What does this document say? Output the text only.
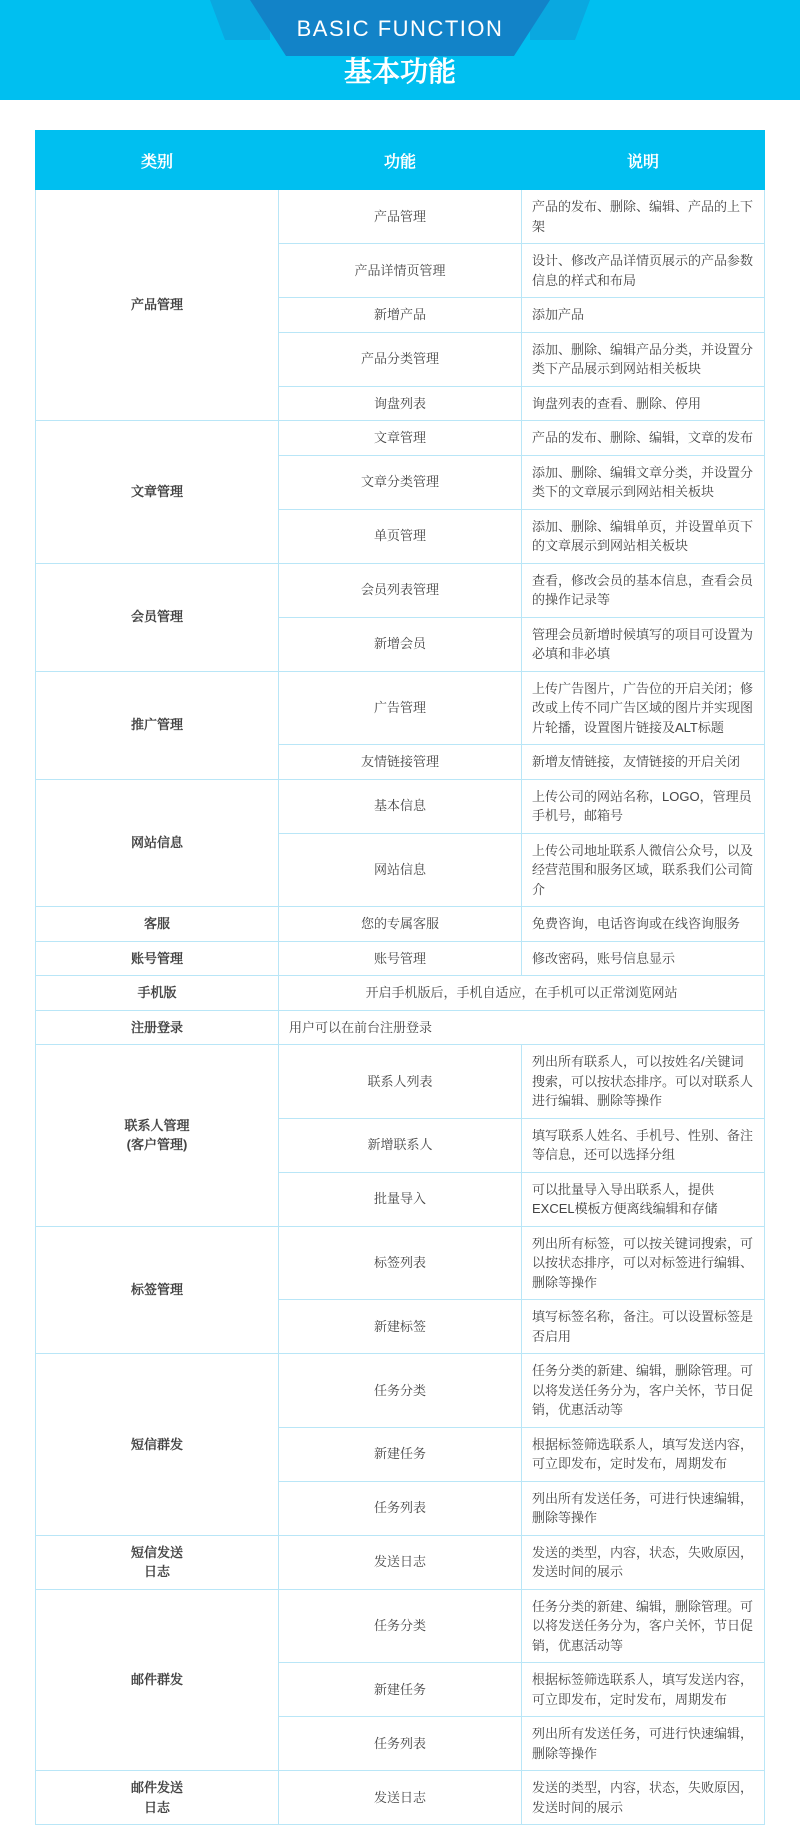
BASIC FUNCTION
基本功能
类别	功能	说明
产品管理	产品管理	产品的发布、删除、编辑、产品的上下架
	产品详情页管理	设计、修改产品详情页展示的产品参数信息的样式和布局
	新增产品	添加产品
	产品分类管理	添加、删除、编辑产品分类，并设置分类下产品展示到网站相关板块
	询盘列表	询盘列表的查看、删除、停用
文章管理	文章管理	产品的发布、删除、编辑，文章的发布
	文章分类管理	添加、删除、编辑文章分类，并设置分类下的文章展示到网站相关板块
	单页管理	添加、删除、编辑单页，并设置单页下的文章展示到网站相关板块
会员管理	会员列表管理	查看，修改会员的基本信息，查看会员的操作记录等
	新增会员	管理会员新增时候填写的项目可设置为必填和非必填
推广管理	广告管理	上传广告图片，广告位的开启关闭；修改或上传不同广告区域的图片并实现图片轮播，设置图片链接及ALT标题
	友情链接管理	新增友情链接，友情链接的开启关闭
网站信息	基本信息	上传公司的网站名称，LOGO，管理员手机号，邮箱号
	网站信息	上传公司地址联系人微信公众号，以及经营范围和服务区域，联系我们公司简介
客服	您的专属客服	免费咨询，电话咨询或在线咨询服务
账号管理	账号管理	修改密码，账号信息显示
手机版	开启手机版后，手机自适应，在手机可以正常浏览网站	
注册登录	用户可以在前台注册登录	
联系人管理
(客户管理)	联系人列表	列出所有联系人，可以按姓名/关键词搜索，可以按状态排序。可以对联系人进行编辑、删除等操作
	新增联系人	填写联系人姓名、手机号、性别、备注等信息，还可以选择分组
	批量导入	可以批量导入导出联系人，提供EXCEL模板方便离线编辑和存储
标签管理	标签列表	列出所有标签，可以按关键词搜索，可以按状态排序，可以对标签进行编辑、删除等操作
	新建标签	填写标签名称，备注。可以设置标签是否启用
短信群发	任务分类	任务分类的新建、编辑，删除管理。可以将发送任务分为，客户关怀，节日促销，优惠活动等
	新建任务	根据标签筛选联系人，填写发送内容，可立即发布，定时发布，周期发布
	任务列表	列出所有发送任务，可进行快速编辑，删除等操作
短信发送
日志	发送日志	发送的类型，内容，状态，失败原因，发送时间的展示
邮件群发	任务分类	任务分类的新建、编辑，删除管理。可以将发送任务分为，客户关怀，节日促销，优惠活动等
	新建任务	根据标签筛选联系人，填写发送内容，可立即发布，定时发布，周期发布
	任务列表	列出所有发送任务，可进行快速编辑，删除等操作
邮件发送
日志	发送日志	发送的类型，内容，状态，失败原因，发送时间的展示
